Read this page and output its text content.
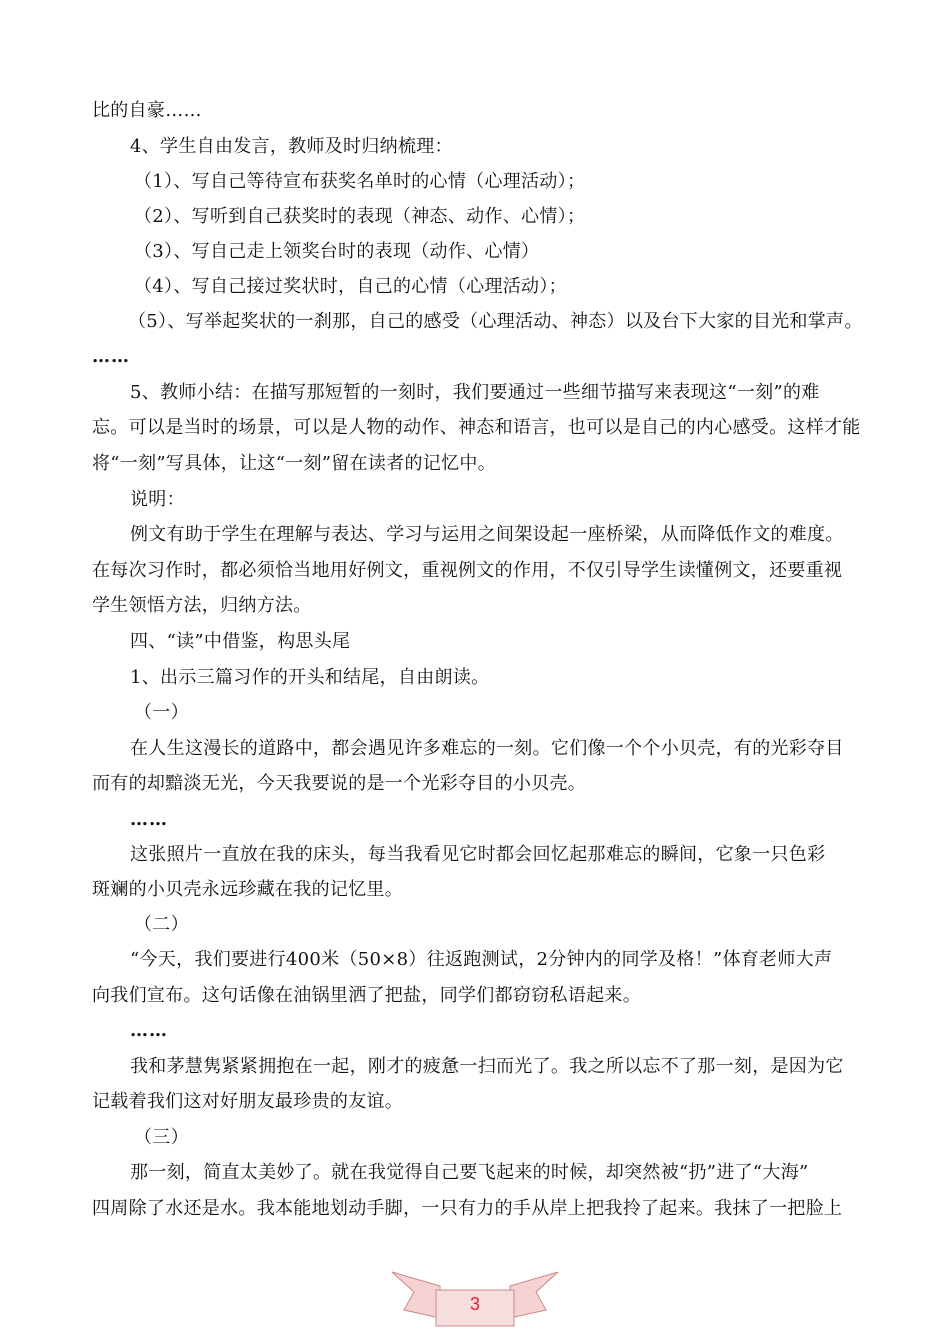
比的自豪……
4、学生自由发言，教师及时归纳梳理：
（1）、写自己等待宣布获奖名单时的心情（心理活动）；
（2）、写听到自己获奖时的表现（神态、动作、心情）；
（3）、写自己走上领奖台时的表现（动作、心情）
（4）、写自己接过奖状时，自己的心情（心理活动）；
（5）、写举起奖状的一刹那，自己的感受（心理活动、神态）以及台下大家的目光和掌声。
……
5、教师小结：在描写那短暂的一刻时，我们要通过一些细节描写来表现这“一刻”的难
忘。可以是当时的场景，可以是人物的动作、神态和语言，也可以是自己的内心感受。这样才能
将“一刻”写具体，让这“一刻”留在读者的记忆中。
说明：
例文有助于学生在理解与表达、学习与运用之间架设起一座桥梁，从而降低作文的难度。
在每次习作时，都必须恰当地用好例文，重视例文的作用，不仅引导学生读懂例文，还要重视
学生领悟方法，归纳方法。
四、“读”中借鉴，构思头尾
1、出示三篇习作的开头和结尾，自由朗读。
（一）
在人生这漫长的道路中，都会遇见许多难忘的一刻。它们像一个个小贝壳，有的光彩夺目
而有的却黯淡无光，今天我要说的是一个光彩夺目的小贝壳。
……
这张照片一直放在我的床头，每当我看见它时都会回忆起那难忘的瞬间，它象一只色彩
斑斓的小贝壳永远珍藏在我的记忆里。
（二）
“今天，我们要进行400米（50×8）往返跑测试，2分钟内的同学及格！”体育老师大声
向我们宣布。这句话像在油锅里洒了把盐，同学们都窃窃私语起来。
……
我和茅慧隽紧紧拥抱在一起，刚才的疲惫一扫而光了。我之所以忘不了那一刻，是因为它
记载着我们这对好朋友最珍贵的友谊。
（三）
那一刻，简直太美妙了。就在我觉得自己要飞起来的时候，却突然被“扔”进了“大海”
四周除了水还是水。我本能地划动手脚，一只有力的手从岸上把我拎了起来。我抹了一把脸上
3
